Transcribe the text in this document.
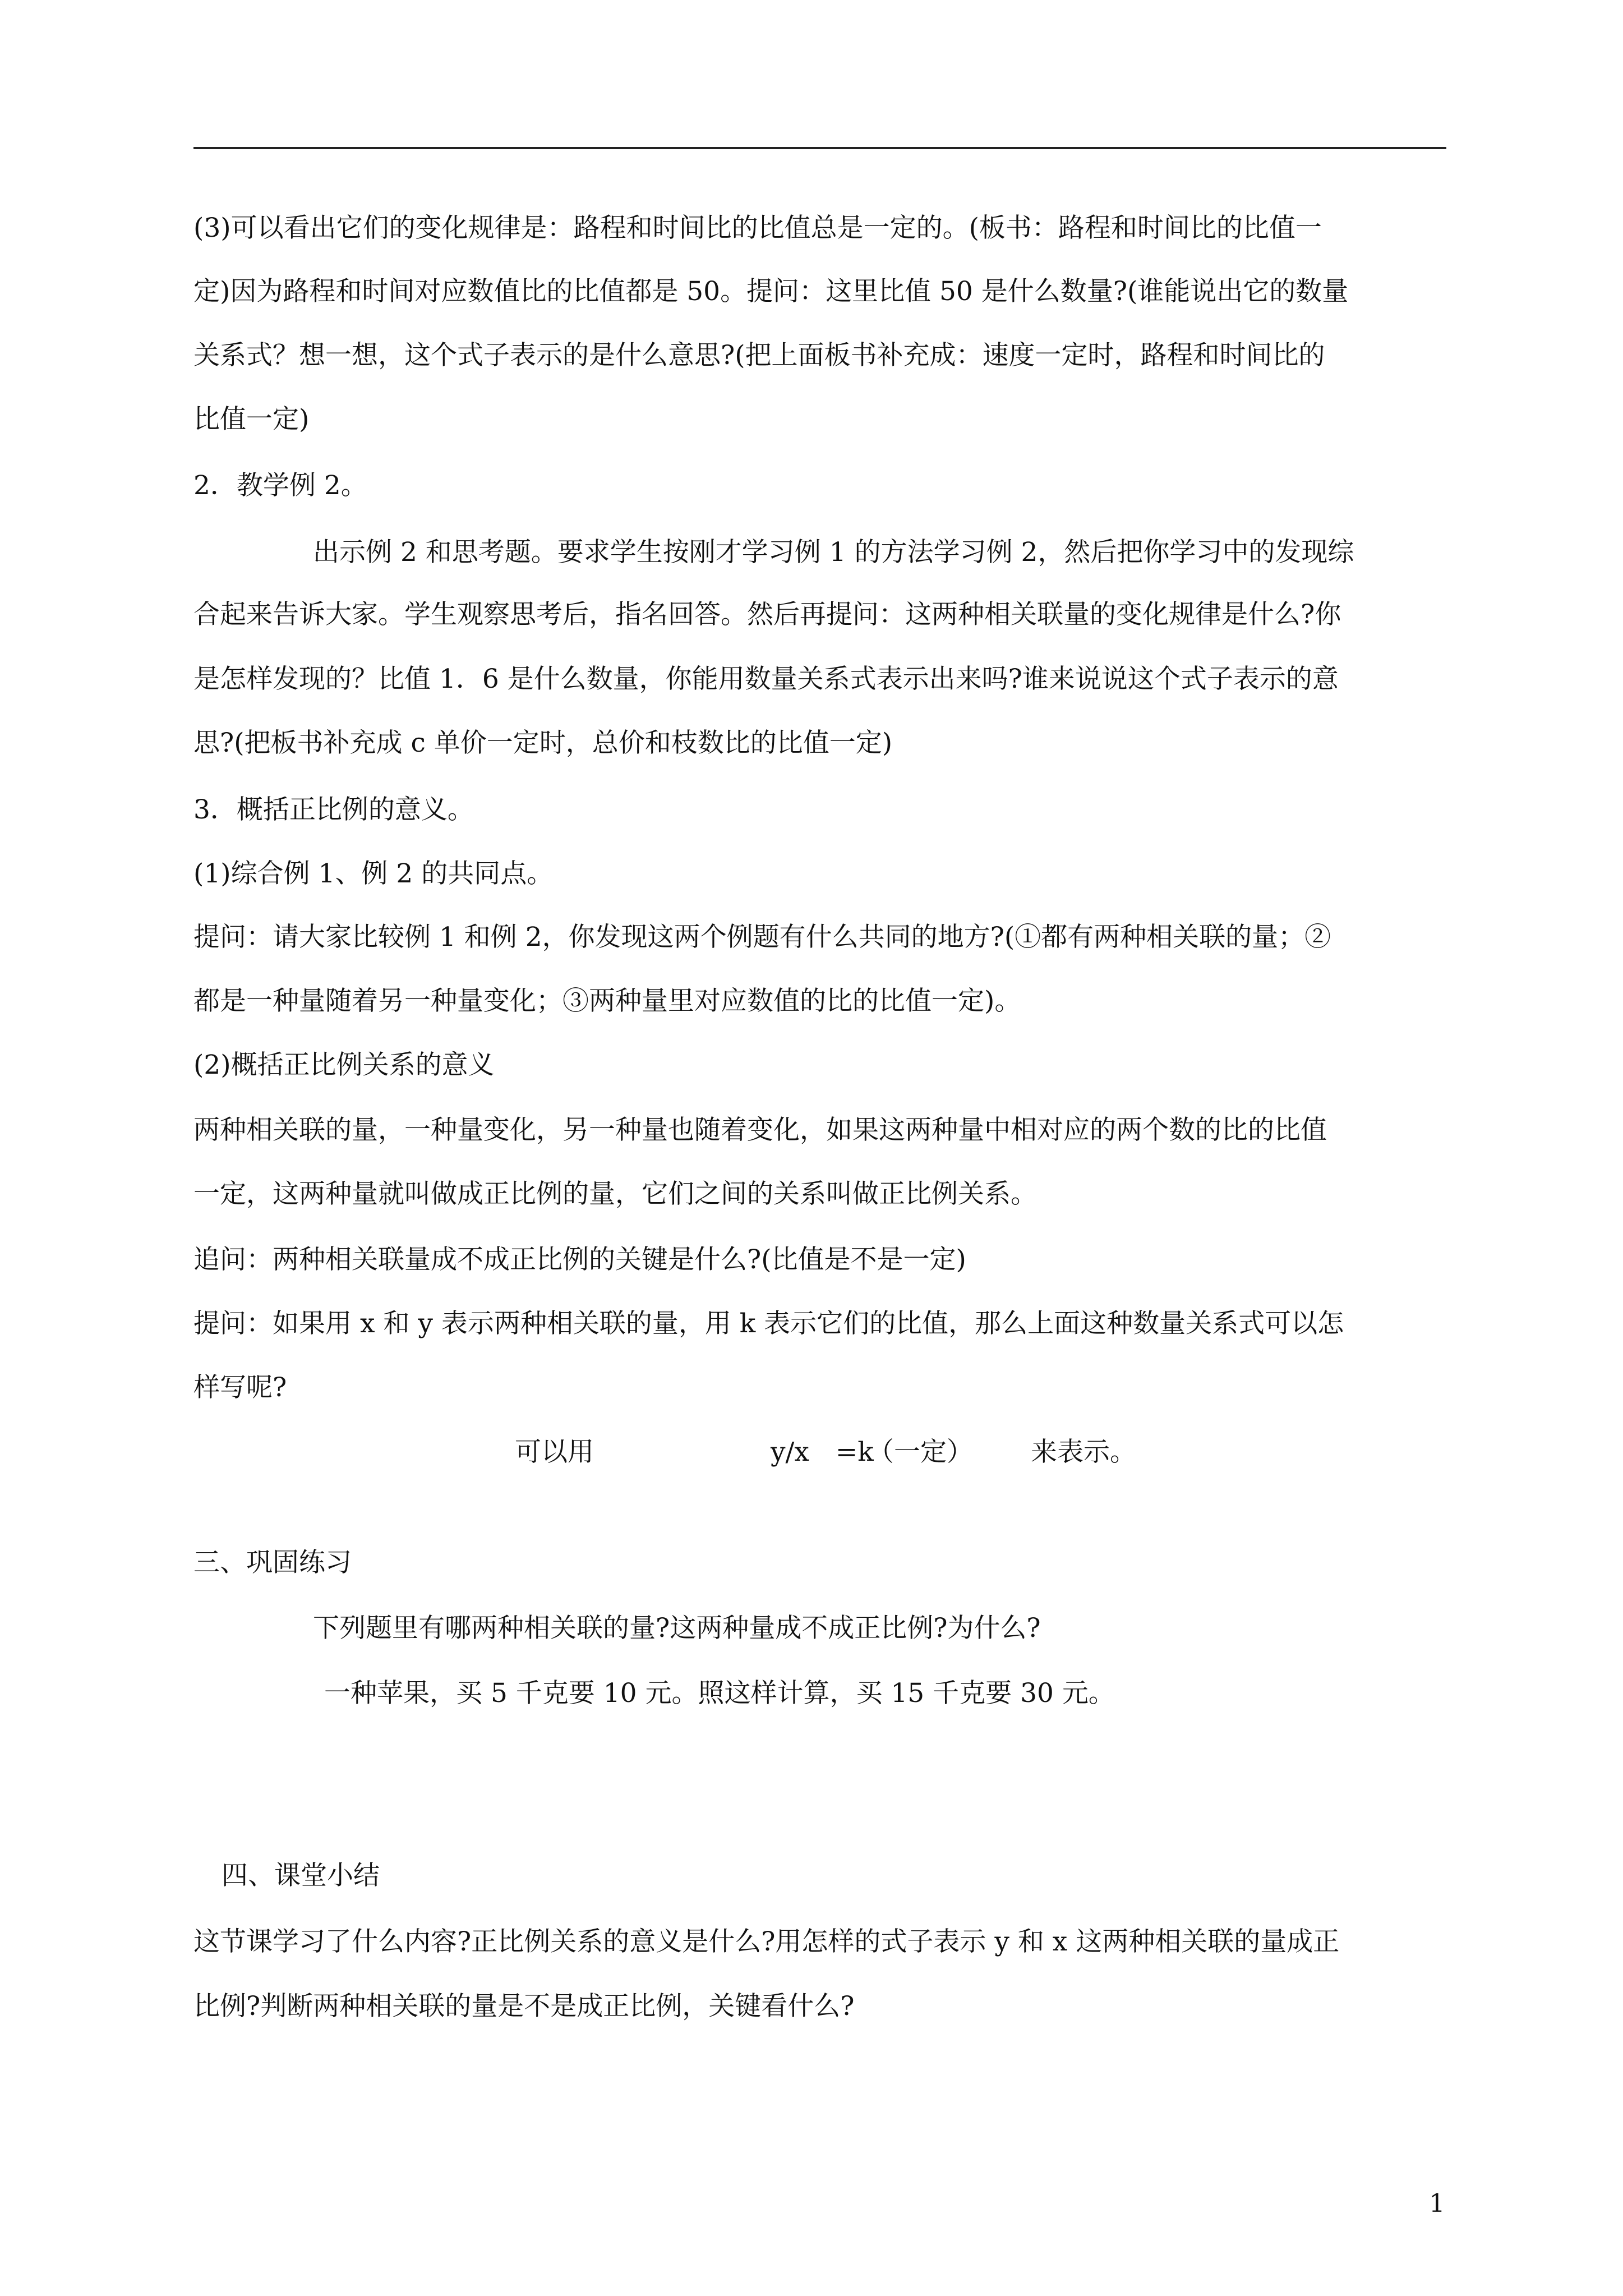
(3)可以看出它们的变化规律是：路程和时间比的比值总是一定的。(板书：路程和时间比的比值一
定)因为路程和时间对应数值比的比值都是 50。提问：这里比值 50 是什么数量?(谁能说出它的数量
关系式？想一想，这个式子表示的是什么意思?(把上面板书补充成：速度一定时，路程和时间比的
比值一定)
2．教学例 2。
出示例 2 和思考题。要求学生按刚才学习例 1 的方法学习例 2，然后把你学习中的发现综
合起来告诉大家。学生观察思考后，指名回答。然后再提问：这两种相关联量的变化规律是什么?你
是怎样发现的？比值 1．6 是什么数量，你能用数量关系式表示出来吗?谁来说说这个式子表示的意
思?(把板书补充成 c 单价一定时，总价和枝数比的比值一定)
3．概括正比例的意义。
(1)综合例 1、例 2 的共同点。
提问：请大家比较例 1 和例 2，你发现这两个例题有什么共同的地方?(①都有两种相关联的量；②
都是一种量随着另一种量变化；③两种量里对应数值的比的比值一定)。
(2)概括正比例关系的意义
两种相关联的量，一种量变化，另一种量也随着变化，如果这两种量中相对应的两个数的比的比值
一定，这两种量就叫做成正比例的量，它们之间的关系叫做正比例关系。
追问：两种相关联量成不成正比例的关键是什么?(比值是不是一定)
提问：如果用 x 和 y 表示两种相关联的量，用 k 表示它们的比值，那么上面这种数量关系式可以怎
样写呢?
可以用	y/x　=k
（一定） 来表示。
三、巩固练习
下列题里有哪两种相关联的量?这两种量成不成正比例?为什么?
一种苹果，买 5 千克要 10 元。照这样计算，买 15 千克要 30 元。
四、课堂小结
这节课学习了什么内容?正比例关系的意义是什么?用怎样的式子表示 y 和 x 这两种相关联的量成正
比例?判断两种相关联的量是不是成正比例，关键看什么?
1
